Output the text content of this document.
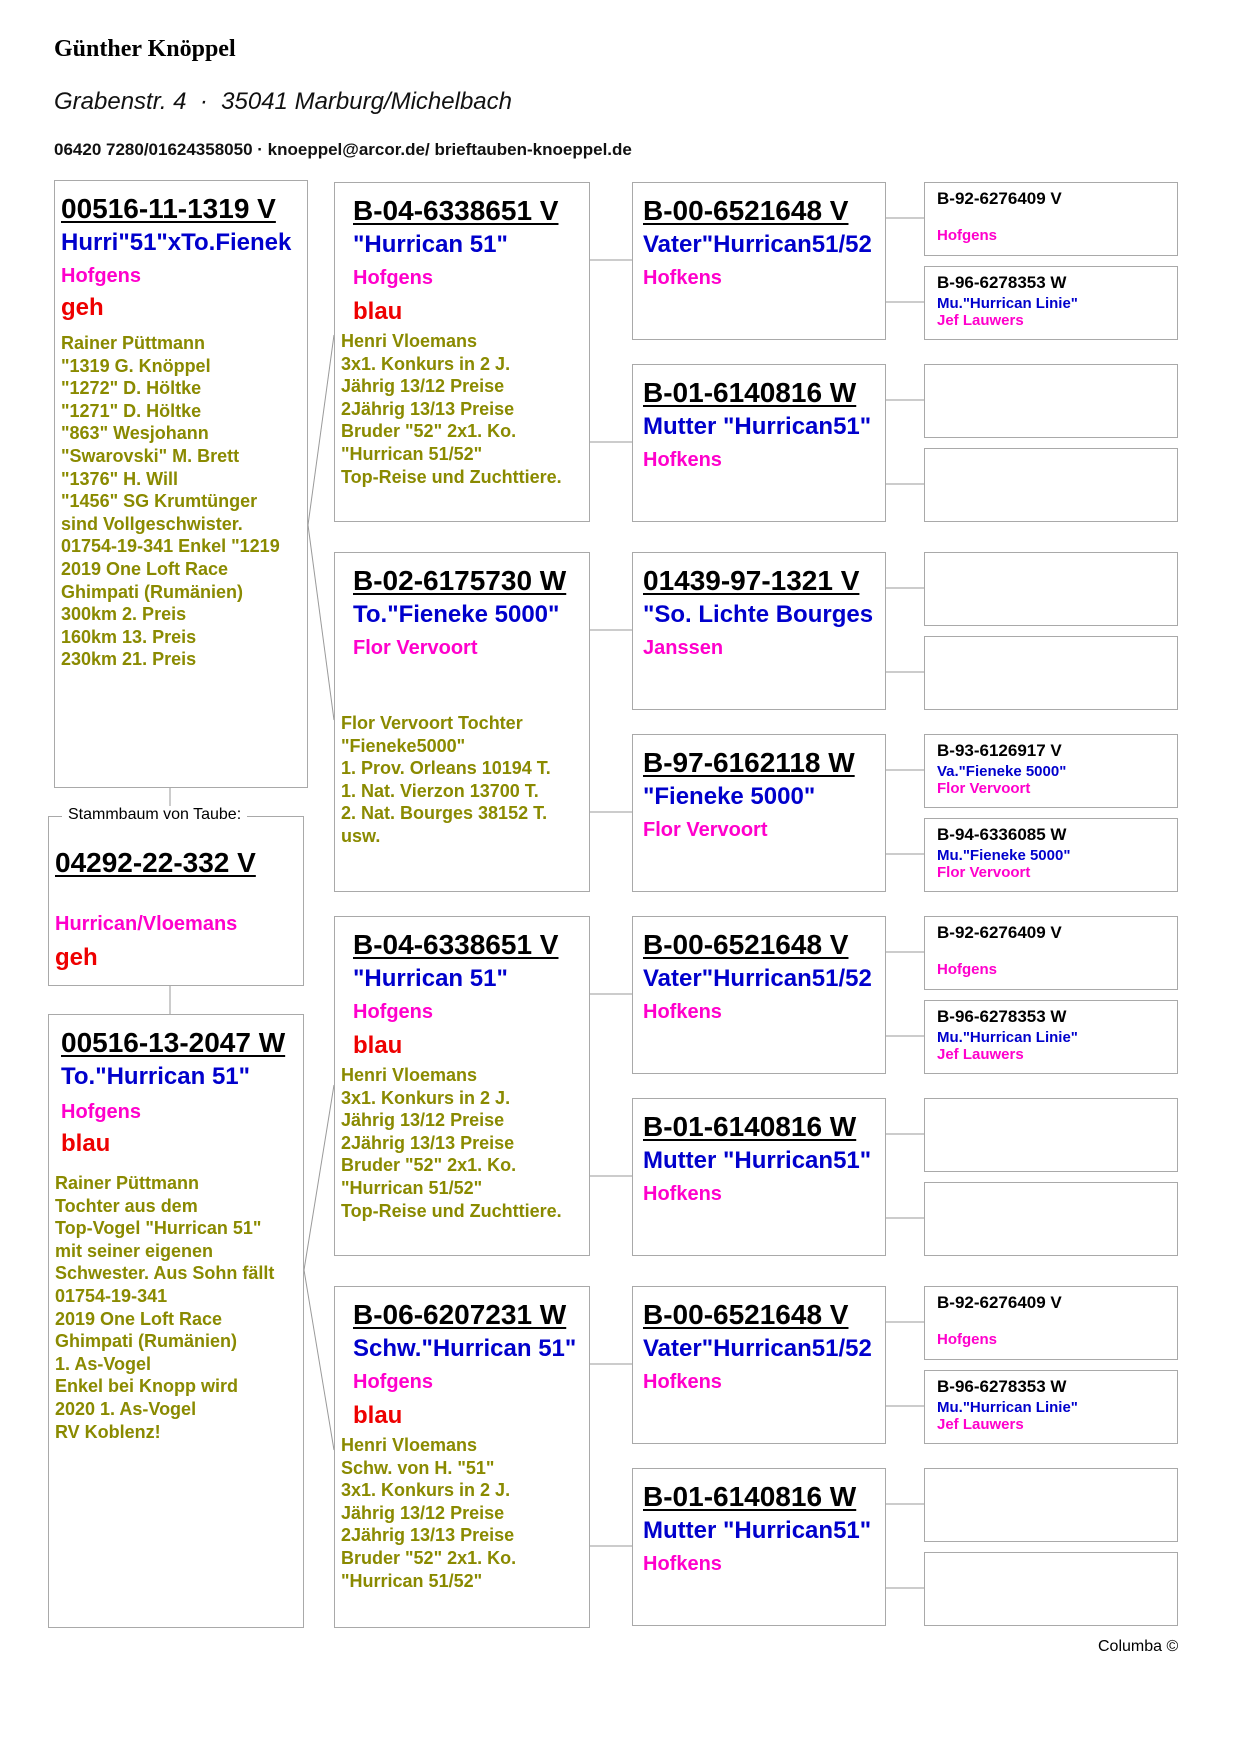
Günther Knöppel
Grabenstr. 4  ·  35041 Marburg/Michelbach
06420 7280/01624358050 · knoeppel@arcor.de/ brieftauben-knoeppel.de
00516-11-1319 V
Hurri"51"xTo.Fienek
Hofgens
geh
Rainer Püttmann
"1319 G. Knöppel
"1272" D. Höltke
"1271" D. Höltke
"863" Wesjohann
"Swarovski" M. Brett
"1376" H. Will
"1456" SG Krumtünger
sind Vollgeschwister.
01754-19-341 Enkel "1219
2019 One Loft Race
Ghimpati (Rumänien)
300km 2. Preis
160km 13. Preis
230km 21. Preis
04292-22-332 V
Hurrican/Vloemans
geh
Stammbaum von Taube:
00516-13-2047 W
To."Hurrican 51"
Hofgens
blau
Rainer Püttmann
Tochter aus dem
Top-Vogel "Hurrican 51"
mit seiner eigenen
Schwester. Aus Sohn fällt
01754-19-341
2019 One Loft Race
Ghimpati (Rumänien)
1. As-Vogel
Enkel bei Knopp wird
2020 1. As-Vogel
RV Koblenz!
B-04-6338651 V
"Hurrican 51"
Hofgens
blau
Henri Vloemans
3x1. Konkurs in 2 J.
Jährig 13/12 Preise
2Jährig 13/13 Preise
Bruder "52" 2x1. Ko.
"Hurrican 51/52"
Top-Reise und Zuchttiere.
B-02-6175730 W
To."Fieneke 5000"
Flor Vervoort
Flor Vervoort Tochter
"Fieneke5000"
1. Prov. Orleans 10194 T.
1. Nat. Vierzon 13700 T.
2. Nat. Bourges 38152 T.
usw.
B-04-6338651 V
"Hurrican 51"
Hofgens
blau
Henri Vloemans
3x1. Konkurs in 2 J.
Jährig 13/12 Preise
2Jährig 13/13 Preise
Bruder "52" 2x1. Ko.
"Hurrican 51/52"
Top-Reise und Zuchttiere.
B-06-6207231 W
Schw."Hurrican 51"
Hofgens
blau
Henri Vloemans
Schw. von H. "51"
3x1. Konkurs in 2 J.
Jährig 13/12 Preise
2Jährig 13/13 Preise
Bruder "52" 2x1. Ko.
"Hurrican 51/52"
B-00-6521648 V
Vater"Hurrican51/52
Hofkens
B-01-6140816 W
Mutter "Hurrican51"
Hofkens
01439-97-1321 V
"So. Lichte Bourges
Janssen
B-97-6162118 W
"Fieneke 5000"
Flor Vervoort
B-00-6521648 V
Vater"Hurrican51/52
Hofkens
B-01-6140816 W
Mutter "Hurrican51"
Hofkens
B-00-6521648 V
Vater"Hurrican51/52
Hofkens
B-01-6140816 W
Mutter "Hurrican51"
Hofkens
B-92-6276409 V
Hofgens
B-96-6278353 W
Mu."Hurrican Linie"
Jef Lauwers
B-93-6126917 V
Va."Fieneke 5000"
Flor Vervoort
B-94-6336085 W
Mu."Fieneke 5000"
Flor Vervoort
B-92-6276409 V
Hofgens
B-96-6278353 W
Mu."Hurrican Linie"
Jef Lauwers
B-92-6276409 V
Hofgens
B-96-6278353 W
Mu."Hurrican Linie"
Jef Lauwers
Columba ©
